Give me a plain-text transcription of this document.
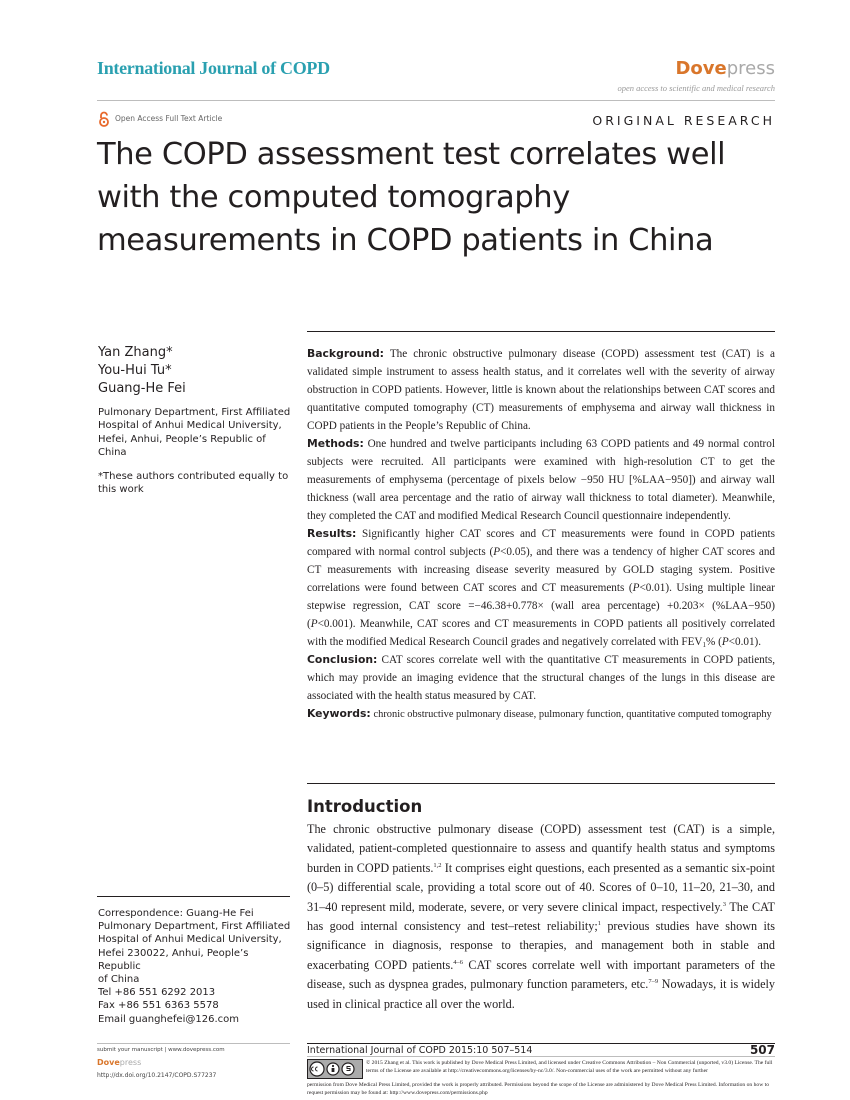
International Journal of COPD	Dovepress
open access to scientific and medical research
Open Access Full Text Article	ORIGINAL RESEARCH
The COPD assessment test correlates well with the computed tomography measurements in COPD patients in China
Yan Zhang*
You-Hui Tu*
Guang-He Fei
Pulmonary Department, First Affiliated Hospital of Anhui Medical University, Hefei, Anhui, People’s Republic of China
*These authors contributed equally to this work

Background: The chronic obstructive pulmonary disease (COPD) assessment test (CAT) is a validated simple instrument to assess health status, and it correlates well with the severity of airway obstruction in COPD patients. However, little is known about the relationships between CAT scores and quantitative computed tomography (CT) measurements of emphysema and airway wall thickness in COPD patients in the People’s Republic of China.

Methods: One hundred and twelve participants including 63 COPD patients and 49 normal control subjects were recruited. All participants were examined with high-resolution CT to get the measurements of emphysema (percentage of pixels below −950 HU [%LAA−950]) and airway wall thickness (wall area percentage and the ratio of airway wall thickness to total diameter). Meanwhile, they completed the CAT and modified Medical Research Council questionnaire independently.

Results: Significantly higher CAT scores and CT measurements were found in COPD patients compared with normal control subjects (P<0.05), and there was a tendency of higher CAT scores and CT measurements with increasing disease severity measured by GOLD staging system. Positive correlations were found between CAT scores and CT measurements (P<0.01). Using multiple linear stepwise regression, CAT score =−46.38+0.778× (wall area percentage) +0.203× (%LAA−950) (P<0.001). Meanwhile, CAT scores and CT measurements in COPD patients all positively correlated with the modified Medical Research Council grades and negatively correlated with $FEV_1\%$ (P<0.01).

Conclusion: CAT scores correlate well with the quantitative CT measurements in COPD patients, which may provide an imaging evidence that the structural changes of the lungs in this disease are associated with the health status measured by CAT.

Keywords: chronic obstructive pulmonary disease, pulmonary function, quantitative computed tomography

Introduction
The chronic obstructive pulmonary disease (COPD) assessment test (CAT) is a simple, validated, patient-completed questionnaire to assess and quantify health status and symptoms burden in COPD patients.$^{1,2}$ It comprises eight questions, each presented as a semantic six-point (0–5) differential scale, providing a total score out of 40. Scores of 0–10, 11–20, 21–30, and 31–40 represent mild, moderate, severe, or very severe clinical impact, respectively.$^3$ The CAT has good internal consistency and test–retest reliability;$^1$ previous studies have shown its significance in diagnosis, response to therapies, and management both in stable and exacerbating COPD patients.$^{4-6}$ CAT scores correlate well with important parameters of the disease, such as dyspnea grades, pulmonary function parameters, etc.$^{7-9}$ Nowadays, it is widely used in clinical practice all over the world.
Correspondence: Guang-He Fei
Pulmonary Department, First Affiliated
Hospital of Anhui Medical University,
Hefei 230022, Anhui, People’s Republic
of China
Tel +86 551 6292 2013
Fax +86 551 6363 5578
Email guanghefei@126.com
submit your manuscript | www.dovepress.com
Dovepress
http://dx.doi.org/10.2147/COPD.S77237
International Journal of COPD 2015:10 507–514	507
© 2015 Zhang et al. This work is published by Dove Medical Press Limited, and licensed under Creative Commons Attribution – Non Commercial (unported, v3.0) License. The full terms of the License are available at http://creativecommons.org/licenses/by-nc/3.0/. Non-commercial uses of the work are permitted without any further
permission from Dove Medical Press Limited, provided the work is properly attributed. Permissions beyond the scope of the License are administered by Dove Medical Press Limited. Information on how to request permission may be found at: http://www.dovepress.com/permissions.php
